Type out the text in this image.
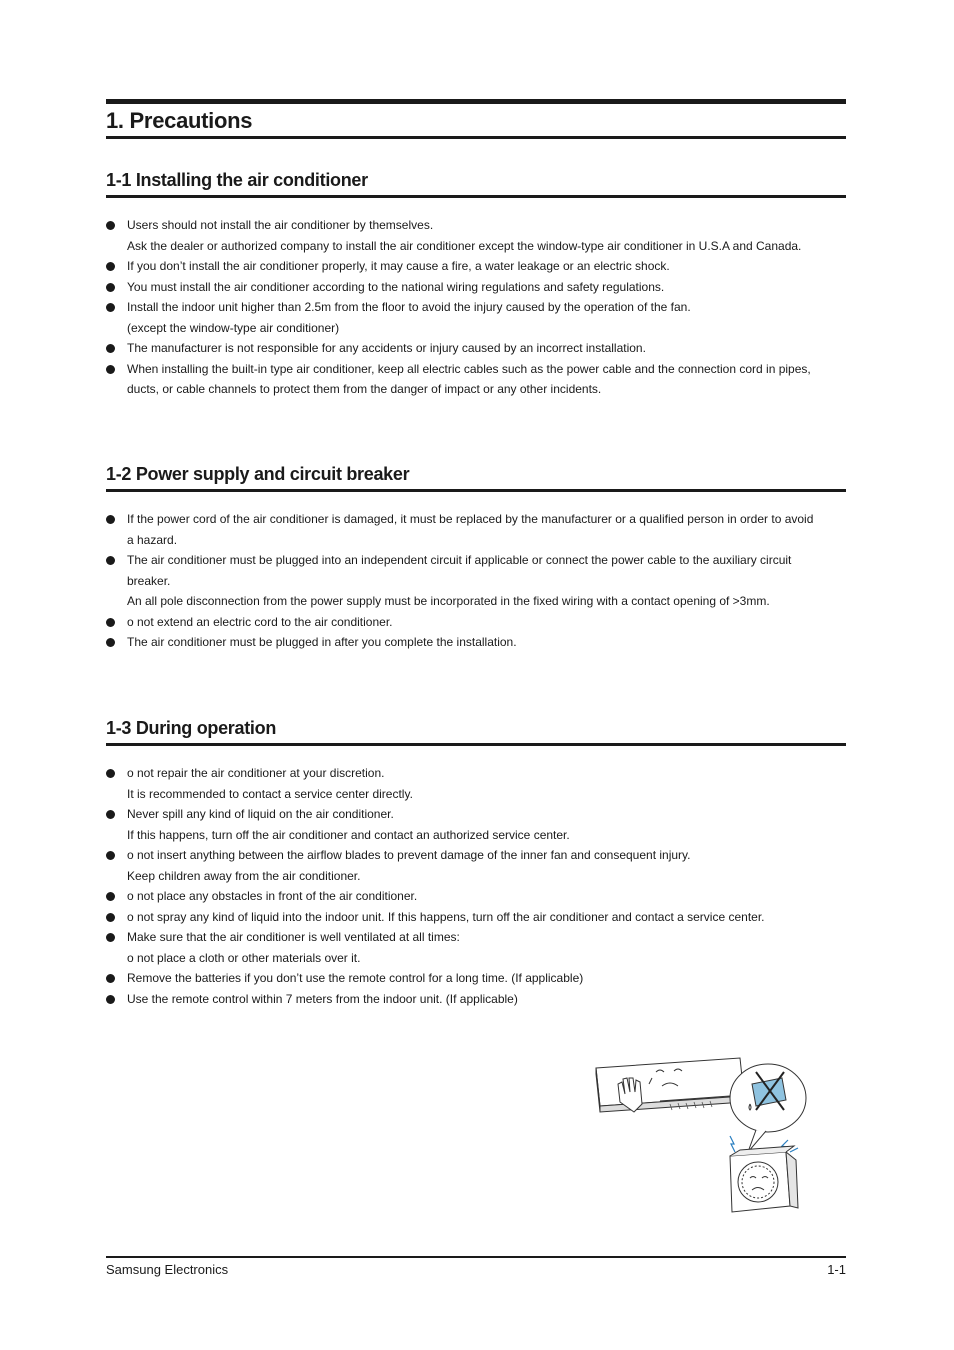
1. Precautions
1-1 Installing the air conditioner
Users should not install the air conditioner by themselves.
Ask the dealer or authorized company to install the air conditioner except the window-type air conditioner in U.S.A and Canada.
If you don’t install the air conditioner properly, it may cause a fire, a water leakage or an electric shock.
You must install the air conditioner according to the national wiring regulations and safety regulations.
Install the indoor unit higher than 2.5m from the floor to avoid the injury caused by the operation of the fan.
(except the window-type air conditioner)
The manufacturer is not responsible for any accidents or injury caused by an incorrect installation.
When installing the built-in type air conditioner, keep all electric cables such as the power cable and the connection cord in pipes,
ducts, or cable channels to protect them from the danger of impact or any other incidents.
1-2 Power supply and circuit breaker
If the power cord of the air conditioner is damaged, it must be replaced by the manufacturer or a qualified person in order to avoid
a hazard.
The air conditioner must be plugged into an independent circuit if applicable or connect the power cable to the auxiliary circuit
breaker.
An all pole disconnection from the power supply must be incorporated in the fixed wiring with a contact opening of >3mm.
o not extend an electric cord to the air conditioner.
The air conditioner must be plugged in after you complete the installation.
1-3 During operation
o not repair the air conditioner at your discretion.
It is recommended to contact a service center directly.
Never spill any kind of liquid on the air conditioner.
If this happens, turn off the air conditioner and contact an authorized service center.
o not insert anything between the airflow blades to prevent damage of the inner fan and consequent injury.
Keep children away from the air conditioner.
o not place any obstacles in front of the air conditioner.
o not spray any kind of liquid into the indoor unit. If this happens, turn off the air conditioner and contact a service center.
Make sure that the air conditioner is well ventilated at all times:
o not place a cloth or other materials over it.
Remove the batteries if you don’t use the remote control for a long time. (If applicable)
Use the remote control within 7 meters from the indoor unit. (If applicable)
Samsung Electronics	1-1
